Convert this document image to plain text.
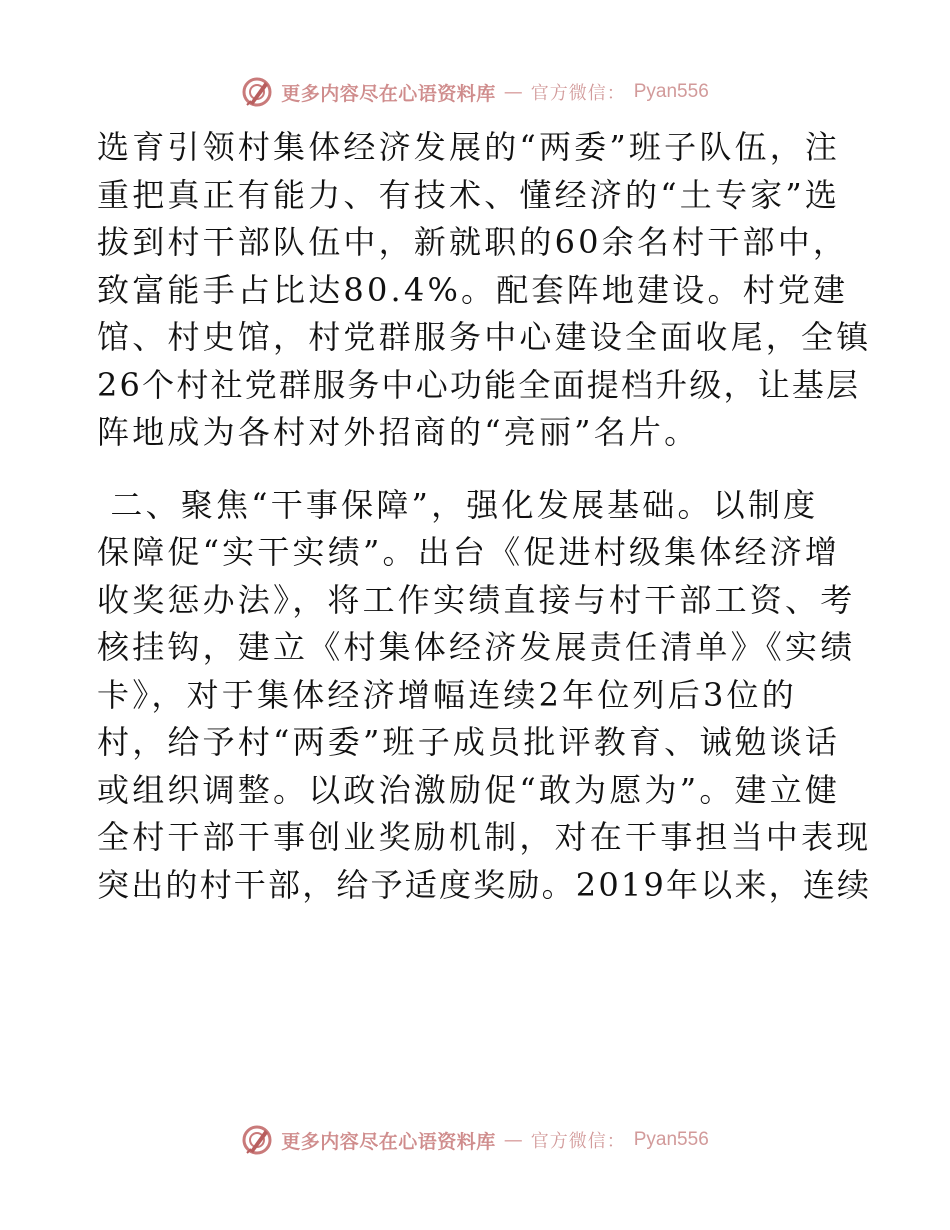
更多内容尽在心语资料库 — 官方微信： Pyan556
选育引领村集体经济发展的“两委”班子队伍，注
重把真正有能力、有技术、懂经济的“土专家”选
拔到村干部队伍中，新就职的60余名村干部中，
致富能手占比达80.4%。配套阵地建设。村党建
馆、村史馆，村党群服务中心建设全面收尾，全镇
26个村社党群服务中心功能全面提档升级，让基层
阵地成为各村对外招商的“亮丽”名片。
二、聚焦“干事保障”，强化发展基础。以制度
保障促“实干实绩”。出台《促进村级集体经济增
收奖惩办法》，将工作实绩直接与村干部工资、考
核挂钩，建立《村集体经济发展责任清单》《实绩
卡》，对于集体经济增幅连续2年位列后3位的
村，给予村“两委”班子成员批评教育、诫勉谈话
或组织调整。以政治激励促“敢为愿为”。建立健
全村干部干事创业奖励机制，对在干事担当中表现
突出的村干部，给予适度奖励。2019年以来，连续
更多内容尽在心语资料库 — 官方微信： Pyan556
